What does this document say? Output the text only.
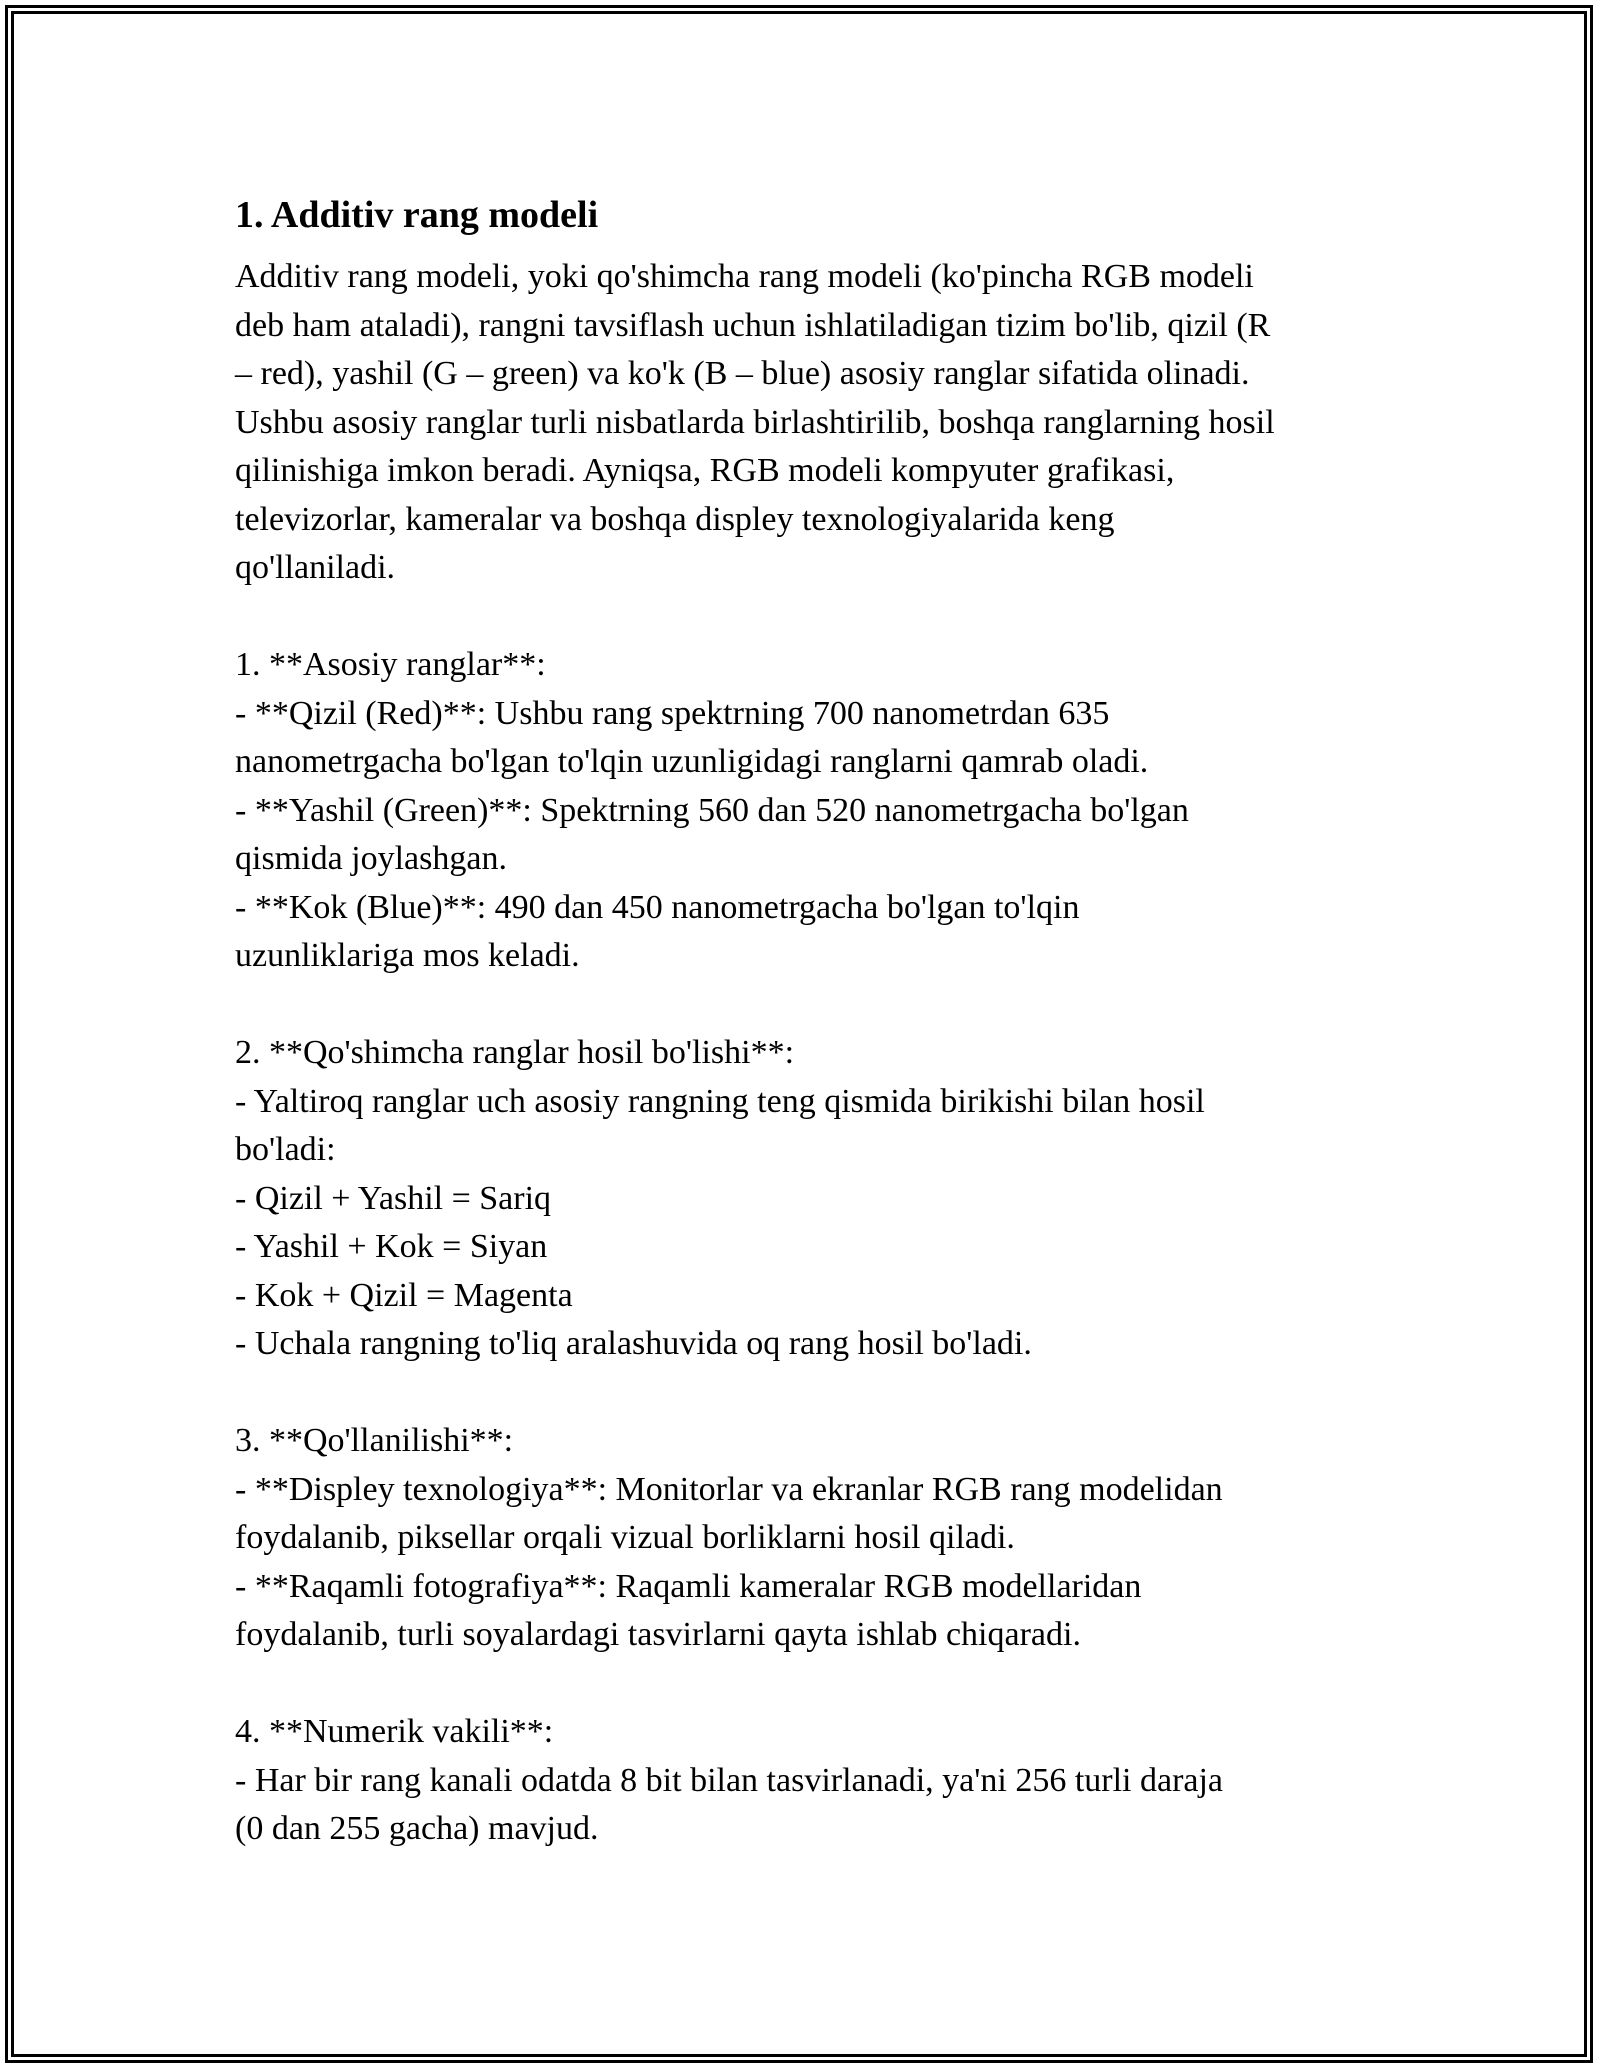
1. Additiv rang modeli

Additiv rang modeli, yoki qo'shimcha rang modeli (ko'pincha RGB modeli
deb ham ataladi), rangni tavsiflash uchun ishlatiladigan tizim bo'lib, qizil (R
– red), yashil (G – green) va ko'k (B – blue) asosiy ranglar sifatida olinadi.
Ushbu asosiy ranglar turli nisbatlarda birlashtirilib, boshqa ranglarning hosil
qilinishiga imkon beradi. Ayniqsa, RGB modeli kompyuter grafikasi,
televizorlar, kameralar va boshqa displey texnologiyalarida keng
qo'llaniladi.

1. **Asosiy ranglar**:
- **Qizil (Red)**: Ushbu rang spektrning 700 nanometrdan 635
nanometrgacha bo'lgan to'lqin uzunligidagi ranglarni qamrab oladi.
- **Yashil (Green)**: Spektrning 560 dan 520 nanometrgacha bo'lgan
qismida joylashgan.
- **Kok (Blue)**: 490 dan 450 nanometrgacha bo'lgan to'lqin
uzunliklariga mos keladi.

2. **Qo'shimcha ranglar hosil bo'lishi**:
- Yaltiroq ranglar uch asosiy rangning teng qismida birikishi bilan hosil
bo'ladi:
- Qizil + Yashil = Sariq
- Yashil + Kok = Siyan
- Kok + Qizil = Magenta
- Uchala rangning to'liq aralashuvida oq rang hosil bo'ladi.

3. **Qo'llanilishi**:
- **Displey texnologiya**: Monitorlar va ekranlar RGB rang modelidan
foydalanib, piksellar orqali vizual borliklarni hosil qiladi.
- **Raqamli fotografiya**: Raqamli kameralar RGB modellaridan
foydalanib, turli soyalardagi tasvirlarni qayta ishlab chiqaradi.

4. **Numerik vakili**:
- Har bir rang kanali odatda 8 bit bilan tasvirlanadi, ya'ni 256 turli daraja
(0 dan 255 gacha) mavjud.
